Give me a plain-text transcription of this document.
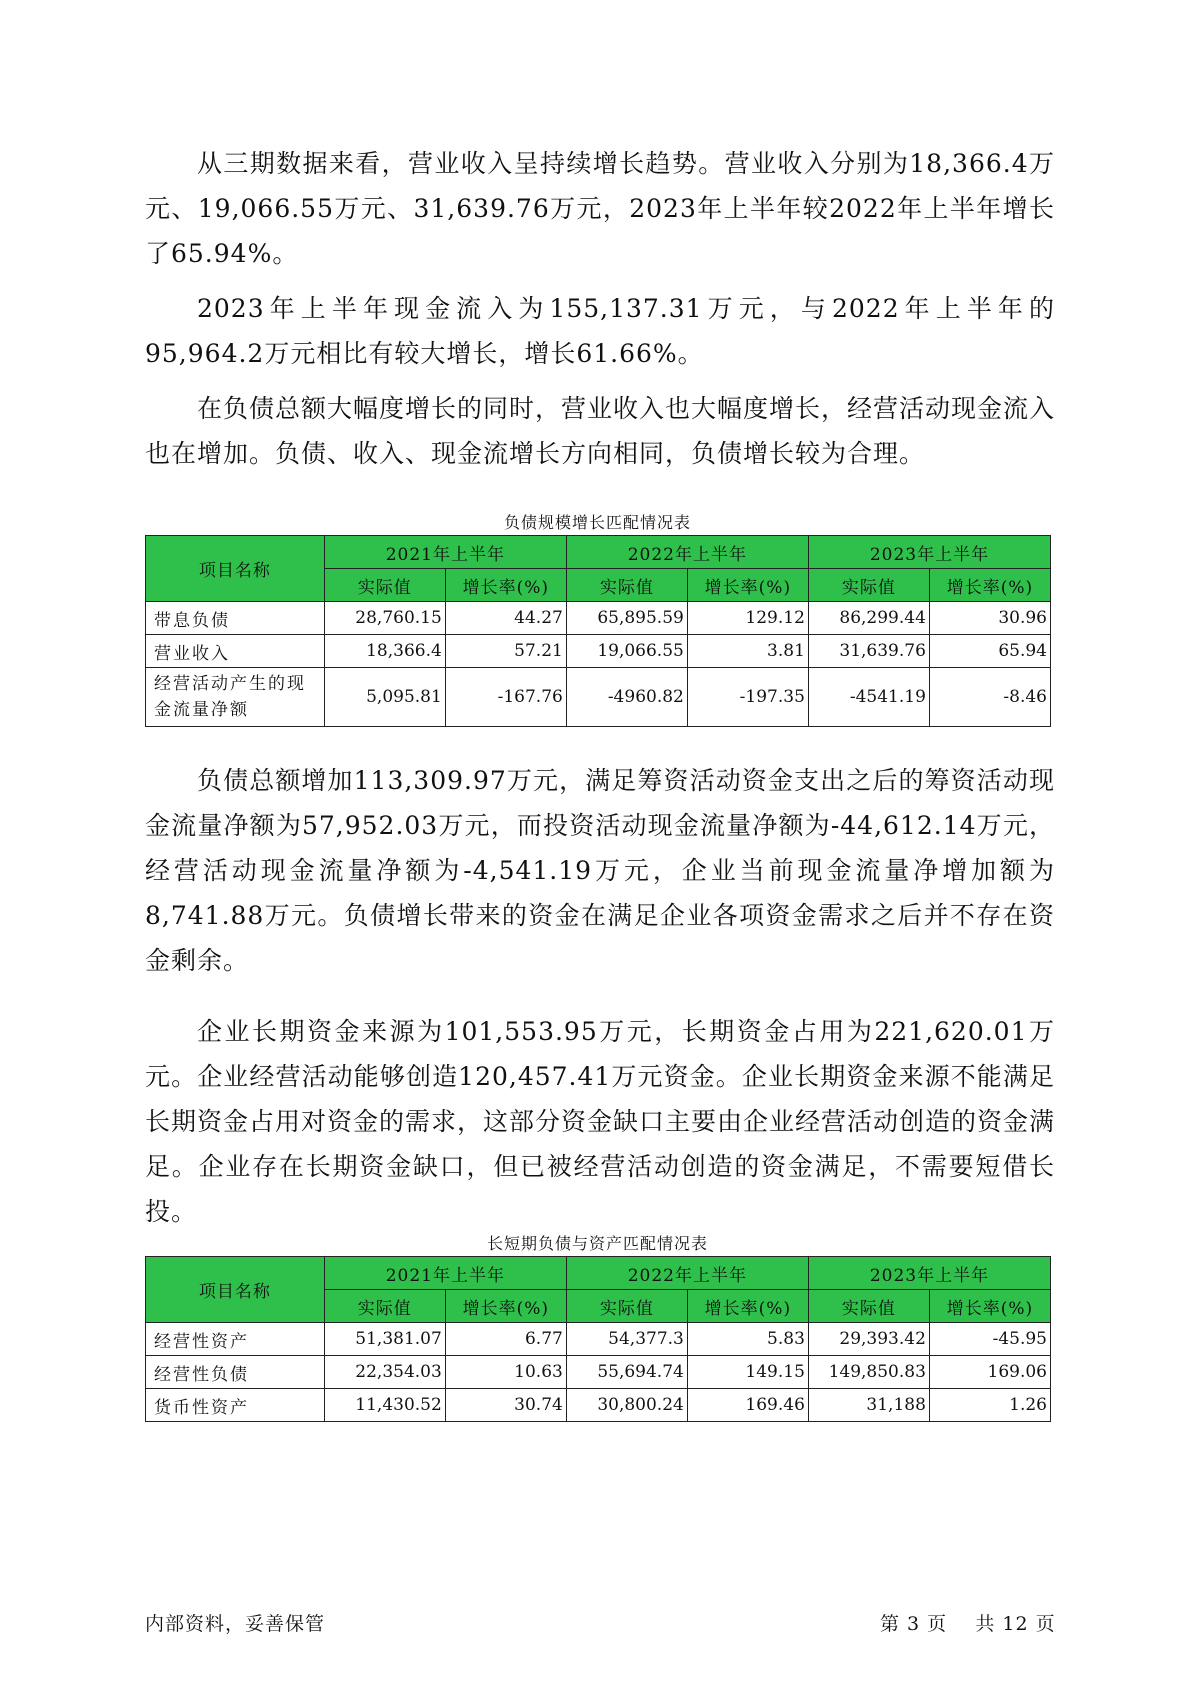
从三期数据来看，营业收入呈持续增长趋势。营业收入分别为18,366.4万元、19,066.55万元、31,639.76万元，2023年上半年较2022年上半年增长了65.94%。

2023年上半年现金流入为155,137.31万元，与2022年上半年的95,964.2万元相比有较大增长，增长61.66%。

在负债总额大幅度增长的同时，营业收入也大幅度增长，经营活动现金流入也在增加。负债、收入、现金流增长方向相同，负债增长较为合理。

负债规模增长匹配情况表
项目名称	2021年上半年		2022年上半年		2023年上半年	
	实际值	增长率(%)	实际值	增长率(%)	实际值	增长率(%)
带息负债	28,760.15	44.27	65,895.59	129.12	86,299.44	30.96
营业收入	18,366.4	57.21	19,066.55	3.81	31,639.76	65.94
经营活动产生的现金流量净额	5,095.81	-167.76	-4960.82	-197.35	-4541.19	-8.46

负债总额增加113,309.97万元，满足筹资活动资金支出之后的筹资活动现金流量净额为57,952.03万元，而投资活动现金流量净额为-44,612.14万元，经营活动现金流量净额为-4,541.19万元，企业当前现金流量净增加额为8,741.88万元。负债增长带来的资金在满足企业各项资金需求之后并不存在资金剩余。

企业长期资金来源为101,553.95万元，长期资金占用为221,620.01万元。企业经营活动能够创造120,457.41万元资金。企业长期资金来源不能满足长期资金占用对资金的需求，这部分资金缺口主要由企业经营活动创造的资金满足。企业存在长期资金缺口，但已被经营活动创造的资金满足，不需要短借长投。

长短期负债与资产匹配情况表
项目名称	2021年上半年		2022年上半年		2023年上半年	
	实际值	增长率(%)	实际值	增长率(%)	实际值	增长率(%)
经营性资产	51,381.07	6.77	54,377.3	5.83	29,393.42	-45.95
经营性负债	22,354.03	10.63	55,694.74	149.15	149,850.83	169.06
货币性资产	11,430.52	30.74	30,800.24	169.46	31,188	1.26
内部资料，妥善保管	第 3 页    共 12 页
